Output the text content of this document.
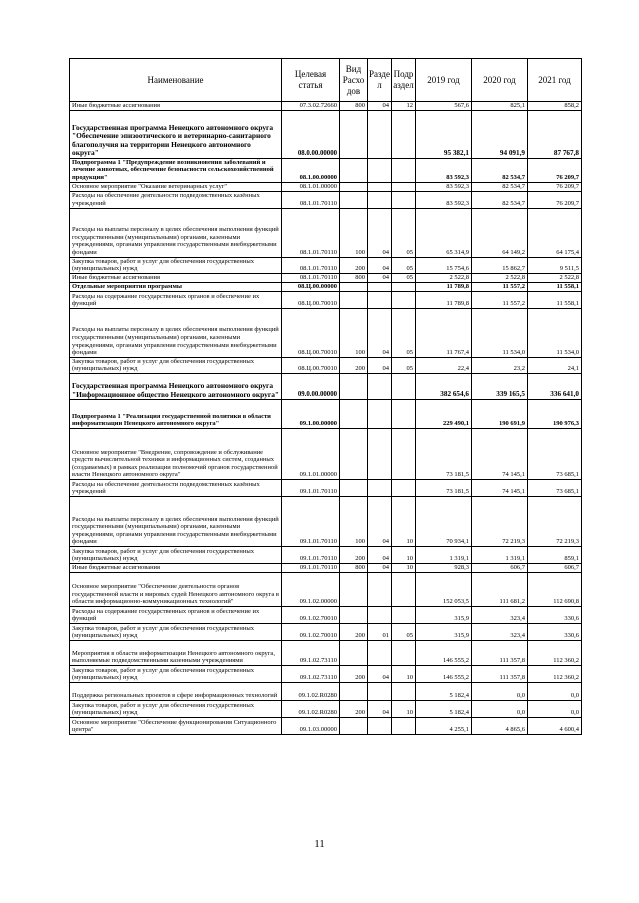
Наименование	Целевая статья	Вид Расхо дов	Разде л	Подр аздел	2019 год	2020 год	2021 год
Иные бюджетные ассигнования	07.3.02.72660	800	04	12	567,6	825,1	858,2
Государственная программа Ненецкого автономного округа "Обеспечение эпизоотического и ветеринарно-санитарного благополучия на территории Ненецкого автономного округа"	08.0.00.00000				95 382,1	94 091,9	87 767,8
Подпрограмма 1 "Предупреждение возникновения заболеваний и лечение животных, обеспечение безопасности сельскохозяйственной продукции"	08.1.00.00000				83 592,3	82 534,7	76 209,7
Основное мероприятие "Оказание ветеринарных услуг"	08.1.01.00000				83 592,3	82 534,7	76 209,7
Расходы на обеспечение деятельности подведомственных казённых учреждений	08.1.01.70110				83 592,3	82 534,7	76 209,7
Расходы на выплаты персоналу в целях обеспечения выполнения функций государственными (муниципальными) органами, казенными учреждениями, органами управления государственными внебюджетными фондами	08.1.01.70110	100	04	05	65 314,9	64 149,2	64 175,4
Закупка товаров, работ и услуг для обеспечения государственных (муниципальных) нужд	08.1.01.70110	200	04	05	15 754,6	15 862,7	9 511,5
Иные бюджетные ассигнования	08.1.01.70110	800	04	05	2 522,8	2 522,8	2 522,8
Отдельные мероприятия программы	08.Ц.00.00000				11 789,8	11 557,2	11 558,1
Расходы на содержание государственных органов и обеспечение их функций	08.Ц.00.70010				11 789,8	11 557,2	11 558,1
Расходы на выплаты персоналу в целях обеспечения выполнения функций государственными (муниципальными) органами, казенными учреждениями, органами управления государственными внебюджетными фондами	08.Ц.00.70010	100	04	05	11 767,4	11 534,0	11 534,0
Закупка товаров, работ и услуг для обеспечения государственных (муниципальных) нужд	08.Ц.00.70010	200	04	05	22,4	23,2	24,1
Государственная программа Ненецкого автономного округа "Информационное общество Ненецкого автономного округа"	09.0.00.00000				382 654,6	339 165,5	336 641,0
Подпрограмма 1 "Реализация государственной политики в области информатизации Ненецкого автономного округа"	09.1.00.00000				229 490,1	190 691,9	190 976,3
Основное мероприятие "Внедрение, сопровождение и обслуживание средств вычислительной техники и информационных систем, созданных (создаваемых) в рамках реализации полномочий органов государственной власти Ненецкого автономного округа"	09.1.01.00000				73 181,5	74 145,1	73 685,1
Расходы на обеспечение деятельности подведомственных казённых учреждений	09.1.01.70110				73 181,5	74 145,1	73 685,1
Расходы на выплаты персоналу в целях обеспечения выполнения функций государственными (муниципальными) органами, казенными учреждениями, органами управления государственными внебюджетными фондами	09.1.01.70110	100	04	10	70 934,1	72 219,3	72 219,3
Закупка товаров, работ и услуг для обеспечения государственных (муниципальных) нужд	09.1.01.70110	200	04	10	1 319,1	1 319,1	859,1
Иные бюджетные ассигнования	09.1.01.70110	800	04	10	928,3	606,7	606,7
Основное мероприятие "Обеспечение деятельности органов государственной власти и мировых судей Ненецкого автономного округа в области информационно-коммуникационных технологий"	09.1.02.00000				152 053,5	111 681,2	112 690,8
Расходы на содержание государственных органов и обеспечение их функций	09.1.02.70010				315,9	323,4	330,6
Закупка товаров, работ и услуг для обеспечения государственных (муниципальных) нужд	09.1.02.70010	200	01	05	315,9	323,4	330,6
Мероприятия в области информатизации Ненецкого автономного округа, выполняемые подведомственными казенными учреждениями	09.1.02.73110				146 555,2	111 357,8	112 360,2
Закупка товаров, работ и услуг для обеспечения государственных (муниципальных) нужд	09.1.02.73110	200	04	10	146 555,2	111 357,8	112 360,2
Поддержка региональных проектов в сфере информационных технологий	09.1.02.R0280				5 182,4	0,0	0,0
Закупка товаров, работ и услуг для обеспечения государственных (муниципальных) нужд	09.1.02.R0280	200	04	10	5 182,4	0,0	0,0
Основное мероприятие "Обеспечение функционирования Ситуационного центра"	09.1.03.00000				4 255,1	4 865,6	4 600,4
11
